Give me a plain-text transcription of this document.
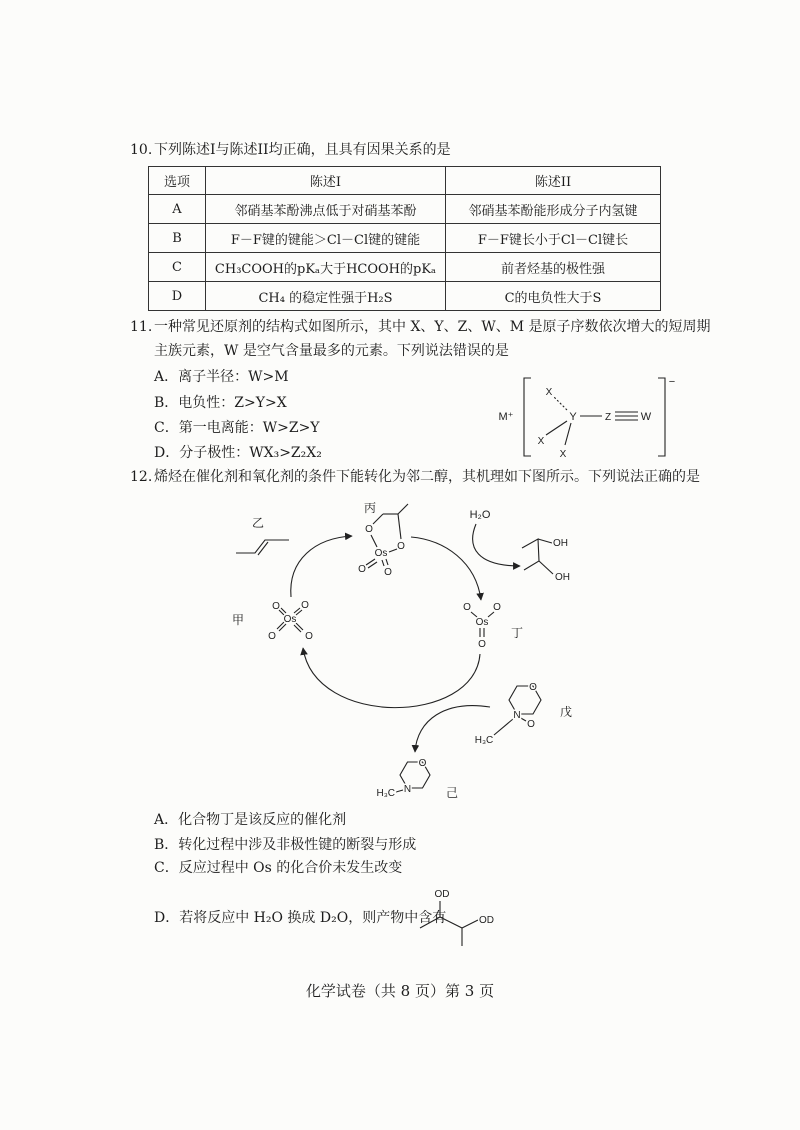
10. 下列陈述I与陈述II均正确，且具有因果关系的是
选项	陈述I	陈述II
A	邻硝基苯酚沸点低于对硝基苯酚	邻硝基苯酚能形成分子内氢键
B	F－F键的键能＞Cl－Cl键的键能	F－F键长小于Cl－Cl键长
C	CH₃COOH的pKₐ大于HCOOH的pKₐ	前者烃基的极性强
D	CH₄ 的稳定性强于H₂S	C的电负性大于S
11. 一种常见还原剂的结构式如图所示，其中 X、Y、Z、W、M 是原子序数依次增大的短周期
主族元素，W 是空气含量最多的元素。下列说法错误的是
A．离子半径：W>M
B．电负性：Z>Y>X
C．第一电离能：W>Z>Y
D．分子极性：WX₃>Z₂X₂
M⁺
−
Y
X
X
X
Z	W
12. 烯烃在催化剂和氧化剂的条件下能转化为邻二醇，其机理如下图所示。下列说法正确的是
乙	O
O
Os
O O
丙	H₂O
OH
OH
Os
O O
O	O
甲	Os
O O
O
丁
O
N
O
H₃C
戊
O
N
H₃C	己
A．化合物丁是该反应的催化剂
B．转化过程中涉及非极性键的断裂与形成
C．反应过程中 Os 的化合价未发生改变
D．若将反应中 H₂O 换成 D₂O，则产物中含有
OD
OD
化学试卷（共 8 页）第 3 页
